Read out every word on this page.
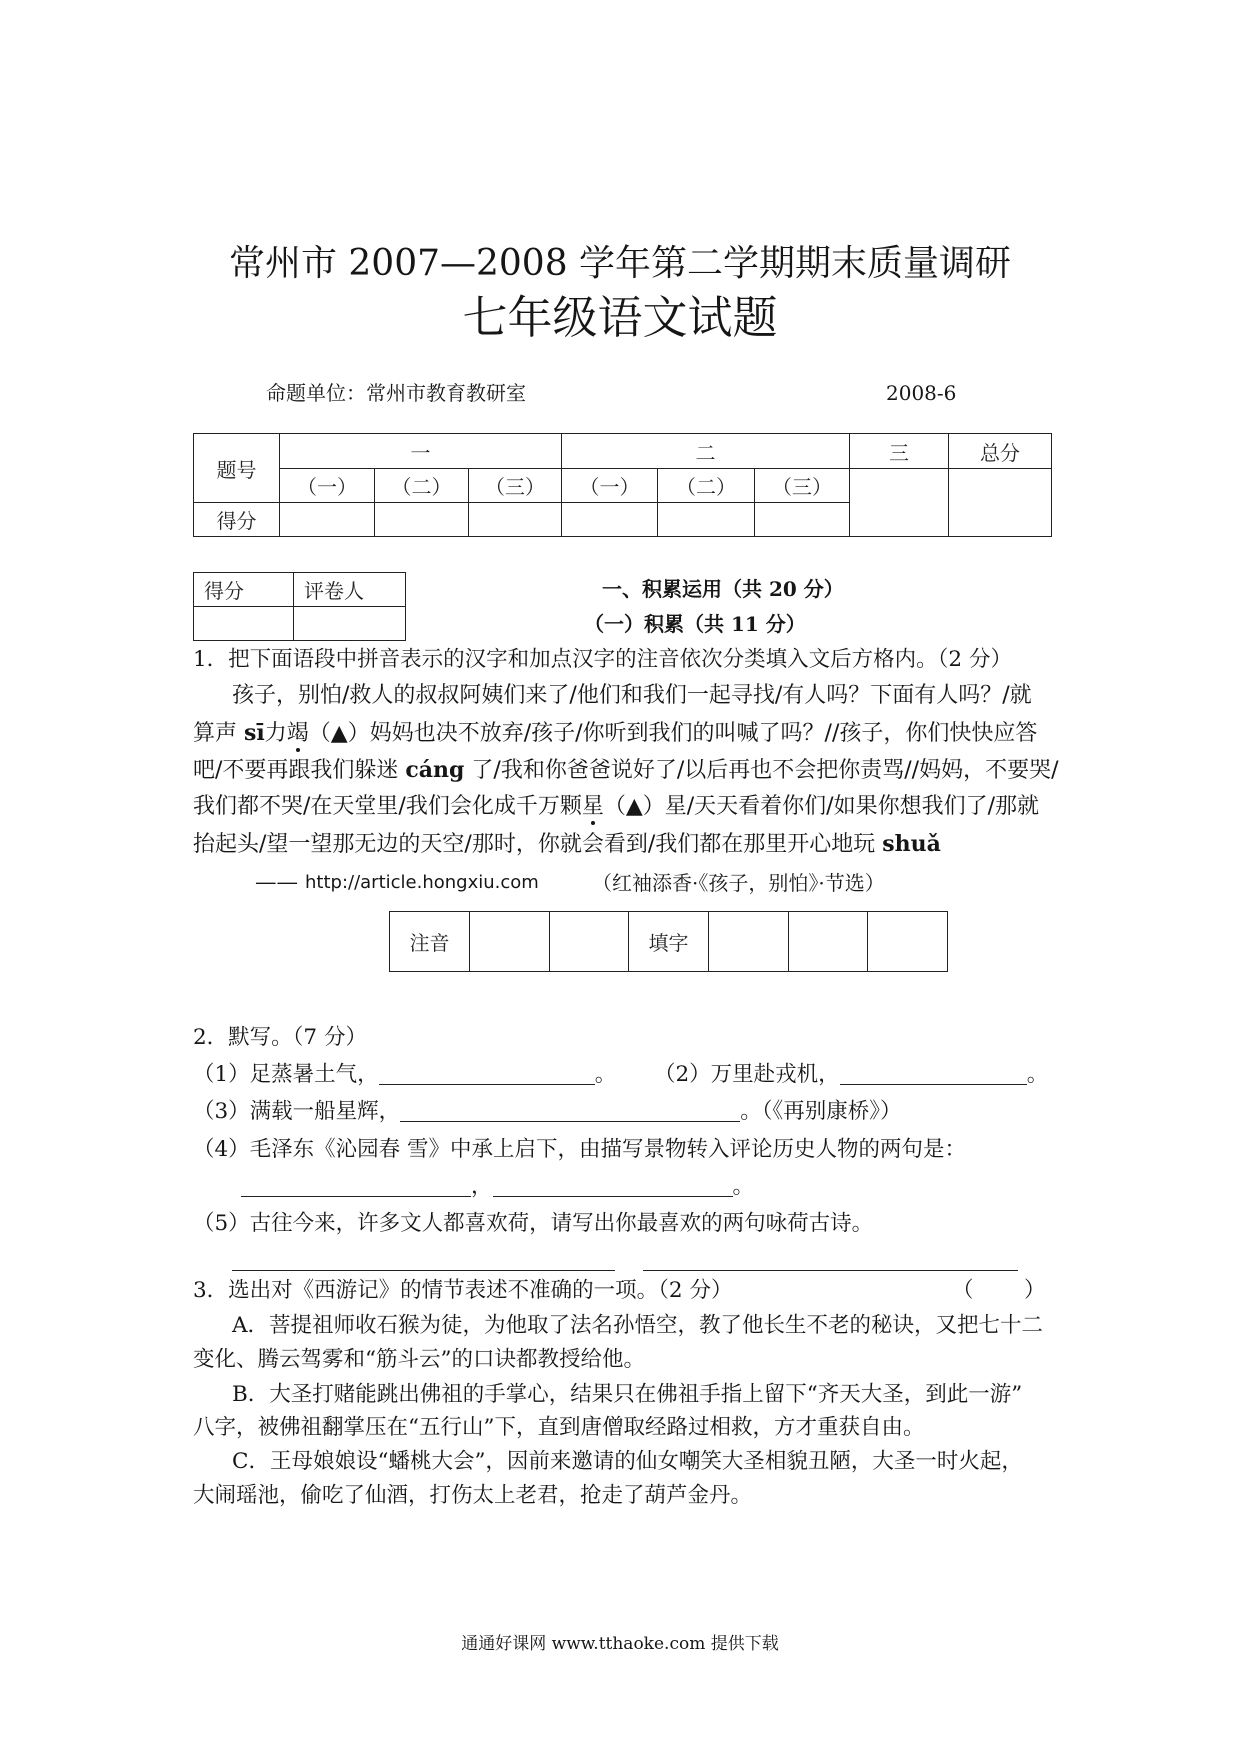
常州市 2007—2008 学年第二学期期末质量调研
七年级语文试题
命题单位：常州市教育教研室	2008-6
题号	一			二			三	总分
	（一）	（二）	（三）	（一）	（二）	（三）		
得分								
得分	评卷人
		一、积累运用（共 20 分）
（一）积累（共 11 分）
1．把下面语段中拼音表示的汉字和加点汉字的注音依次分类填入文后方格内。（2 分）
孩子，别怕/救人的叔叔阿姨们来了/他们和我们一起寻找/有人吗？下面有人吗？/就
算声 sī力竭（▲）妈妈也决不放弃/孩子/你听到我们的叫喊了吗？//孩子，你们快快应答
吧/不要再跟我们躲迷 cáng 了/我和你爸爸说好了/以后再也不会把你责骂//妈妈，不要哭/
我们都不哭/在天堂里/我们会化成千万颗星（▲）星/天天看着你们/如果你想我们了/那就
抬起头/望一望那无边的天空/那时，你就会看到/我们都在那里开心地玩 shuǎ
—— http://article.hongxiu.com	（红袖添香·《孩子，别怕》·节选）
注音			填字			
2．默写。（7 分）
（1）足蒸暑土气，	。 （2）万里赴戎机，	。
（3）满载一船星辉，	。（《再别康桥》）
（4）毛泽东《沁园春 雪》中承上启下，由描写景物转入评论历史人物的两句是：
，	。
（5）古往今来，许多文人都喜欢荷，请写出你最喜欢的两句咏荷古诗。
3．选出对《西游记》的情节表述不准确的一项。（2 分）	（ ）
A．菩提祖师收石猴为徒，为他取了法名孙悟空，教了他长生不老的秘诀，又把七十二
变化、腾云驾雾和“筋斗云”的口诀都教授给他。
B．大圣打赌能跳出佛祖的手掌心，结果只在佛祖手指上留下“齐天大圣，到此一游”
八字，被佛祖翻掌压在“五行山”下，直到唐僧取经路过相救，方才重获自由。
C．王母娘娘设“蟠桃大会”，因前来邀请的仙女嘲笑大圣相貌丑陋，大圣一时火起，
大闹瑶池，偷吃了仙酒，打伤太上老君，抢走了葫芦金丹。
通通好课网 www.tthaoke.com 提供下载
